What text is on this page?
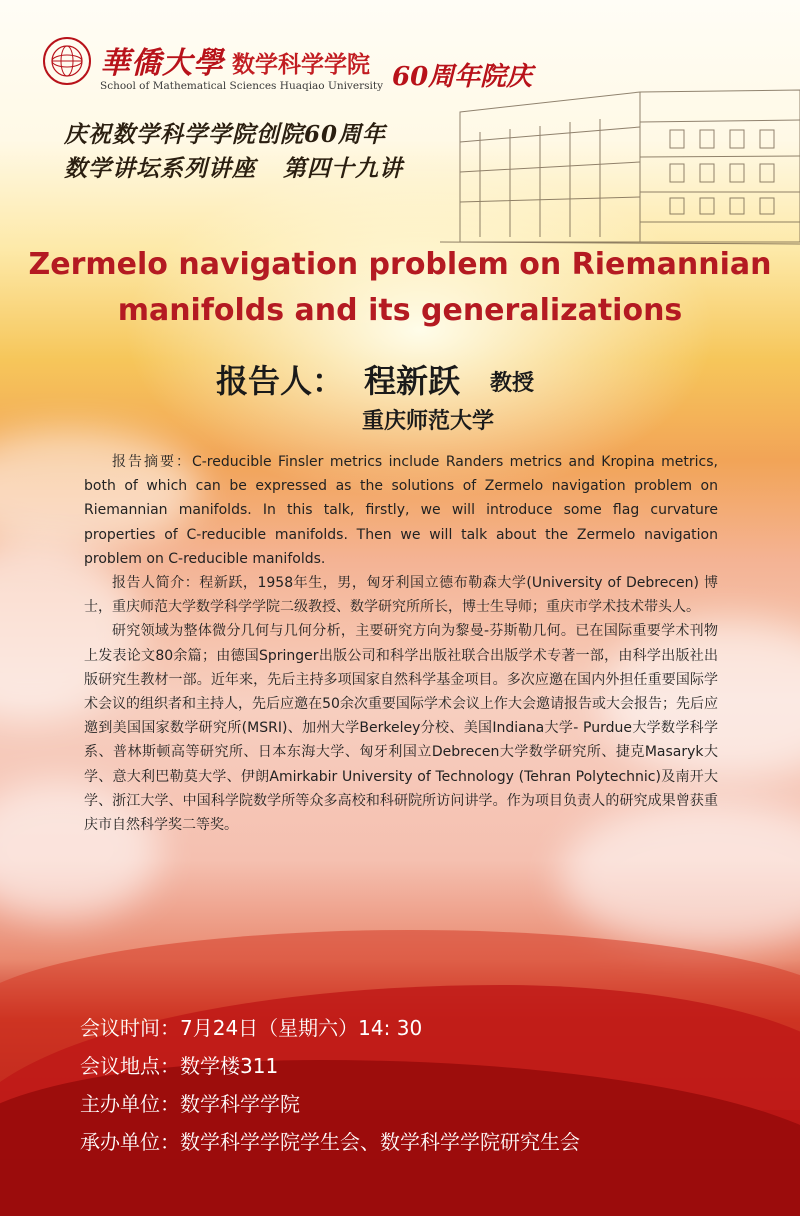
華僑大學 数学科学学院
School of Mathematical Sciences Huaqiao University 60周年院庆
庆祝数学科学学院创院60周年
数学讲坛系列讲座   第四十九讲
Zermelo navigation problem on Riemannian
manifolds and its generalizations
报告人： 程新跃 教授
重庆师范大学

报告摘要：C-reducible Finsler metrics include Randers metrics and Kropina metrics, both of which can be expressed as the solutions of Zermelo navigation problem on Riemannian manifolds. In this talk, firstly, we will introduce some flag curvature properties of C-reducible manifolds. Then we will talk about the Zermelo navigation problem on C-reducible manifolds.

报告人简介：程新跃，1958年生，男，匈牙利国立德布勒森大学(University of Debrecen) 博士，重庆师范大学数学科学学院二级教授、数学研究所所长，博士生导师；重庆市学术技术带头人。

研究领域为整体微分几何与几何分析，主要研究方向为黎曼-芬斯勒几何。已在国际重要学术刊物上发表论文80余篇；由德国Springer出版公司和科学出版社联合出版学术专著一部，由科学出版社出版研究生教材一部。近年来，先后主持多项国家自然科学基金项目。多次应邀在国内外担任重要国际学术会议的组织者和主持人，先后应邀在50余次重要国际学术会议上作大会邀请报告或大会报告；先后应邀到美国国家数学研究所(MSRI)、加州大学Berkeley分校、美国Indiana大学- Purdue大学数学科学系、普林斯顿高等研究所、日本东海大学、匈牙利国立Debrecen大学数学研究所、捷克Masaryk大学、意大利巴勒莫大学、伊朗Amirkabir University of Technology (Tehran Polytechnic)及南开大学、浙江大学、中国科学院数学所等众多高校和科研院所访问讲学。作为项目负责人的研究成果曾获重庆市自然科学奖二等奖。

会议时间：7月24日（星期六）14: 30
会议地点：数学楼311
主办单位：数学科学学院
承办单位：数学科学学院学生会、数学科学学院研究生会
